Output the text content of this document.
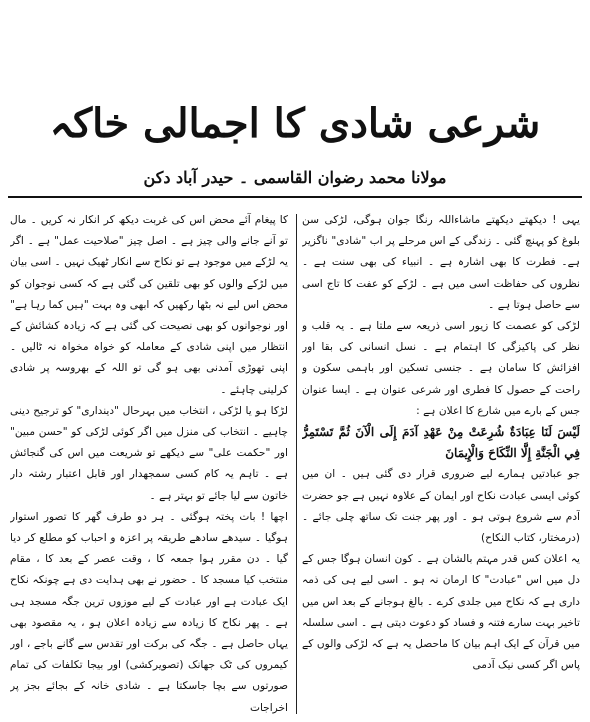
شرعی شادی کا اجمالی خاکہ
مولانا محمد رضوان القاسمی ۔ حیدر آباد دکن

یہی ! دیکھتے دیکھتے ماشاءاللہ رنگا جوان ہوگی، لڑکی سن بلوغ کو پہنچ گئی ۔ زندگی کے اس مرحلے پر اب "شادی" ناگزیر ہے۔ فطرت کا بھی اشارہ ہے ۔ انبیاء کی بھی سنت ہے ۔ نظروں کی حفاظت اسی میں ہے ۔ لڑکے کو عفت کا تاج اسی سے حاصل ہوتا ہے ۔

لڑکی کو عصمت کا زیور اسی ذریعہ سے ملتا ہے ۔ یہ قلب و نظر کی پاکیزگی کا اہتمام ہے ۔ نسل انسانی کی بقا اور افزائش کا سامان ہے ۔ جنسی تسکین اور باہمی سکون و راحت کے حصول کا فطری اور شرعی عنوان ہے ۔ ایسا عنوان جس کے بارے میں شارع کا اعلان ہے :

لَيْسَ لَنَا عِبَادَةٌ شُرِعَتْ مِنْ عَهْدِ آدَمَ إِلَى الْآنَ ثُمَّ تَسْتَمِرُّ فِي الْجَنَّةِ إِلَّا النِّكَاحَ وَالْإِيمَانَ

جو عبادتیں ہمارے لیے ضروری قرار دی گئی ہیں ۔ ان میں کوئی ایسی عبادت نکاح اور ایمان کے علاوہ نہیں ہے جو حضرت آدم سے شروع ہوتی ہو ۔ اور پھر جنت تک ساتھ چلی جائے ۔ (درمختار، کتاب النکاح)

یہ اعلان کس قدر مہتم بالشان ہے ۔ کون انسان ہوگا جس کے دل میں اس "عبادت" کا ارمان نہ ہو ۔ اسی لیے ہی کی ذمہ داری ہے کہ نکاح میں جلدی کرے ۔ بالغ ہوجانے کے بعد اس میں تاخیر بہت سارے فتنہ و فساد کو دعوت دیتی ہے ۔ اسی سلسلہ میں قرآن کے ایک اہم بیان کا ماحصل یہ ہے کہ لڑکی والوں کے پاس اگر کسی نیک آدمی

کا پیغام آئے محض اس کی غربت دیکھ کر انکار نہ کریں ۔ مال تو آنے جانے والی چیز ہے ۔ اصل چیز "صلاحیت عمل" ہے ۔ اگر یہ لڑکے میں موجود ہے تو نکاح سے انکار ٹھیک نہیں ۔ اسی بیان میں لڑکے والوں کو بھی تلقین کی گئی ہے کہ کسی نوجوان کو محض اس لیے نہ بٹھا رکھیں کہ ابھی وہ بہت "ہیں کما رہا ہے" اور نوجوانوں کو بھی نصیحت کی گئی ہے کہ زیادہ کشائش کے انتظار میں اپنی شادی کے معاملہ کو خواہ مخواہ نہ ٹالیں ۔ اپنی تھوڑی آمدنی بھی ہو گی تو اللہ کے بھروسہ پر شادی کرلینی چاہئے ۔

لڑکا ہو یا لڑکی ، انتخاب میں بہرحال "دینداری" کو ترجیح دینی چاہیے ۔ انتخاب کی منزل میں اگر کوئی لڑکی کو "حسن مبین" اور "حکمت علی" سے دیکھے تو شریعت میں اس کی گنجائش ہے ۔ تاہم یہ کام کسی سمجھدار اور قابل اعتبار رشتہ دار خاتون سے لیا جائے تو بہتر ہے ۔

اچھا ! بات پختہ ہوگئی ۔ ہر دو طرف گھر کا تصور استوار ہوگیا ۔ سیدھے سادھے طریقہ پر اعزہ و احباب کو مطلع کر دیا گیا ۔ دن مقرر ہوا جمعہ کا ، وقت عصر کے بعد کا ، مقام منتخب کیا مسجد کا ۔ حضور نے بھی ہدایت دی ہے چونکہ نکاح ایک عبادت ہے اور عبادت کے لیے موزوں ترین جگہ مسجد ہی ہے ۔ پھر نکاح کا زیادہ سے زیادہ اعلان ہو ، یہ مقصود بھی یہاں حاصل ہے ۔ جگہ کی برکت اور تقدس سے گانے باجے ، اور کیمروں کی ٹک جھانک (تصویرکشی) اور بیجا تکلفات کی تمام صورتوں سے بچا جاسکتا ہے ۔ شادی خانہ کے بجائے بجز پر اخراجات
